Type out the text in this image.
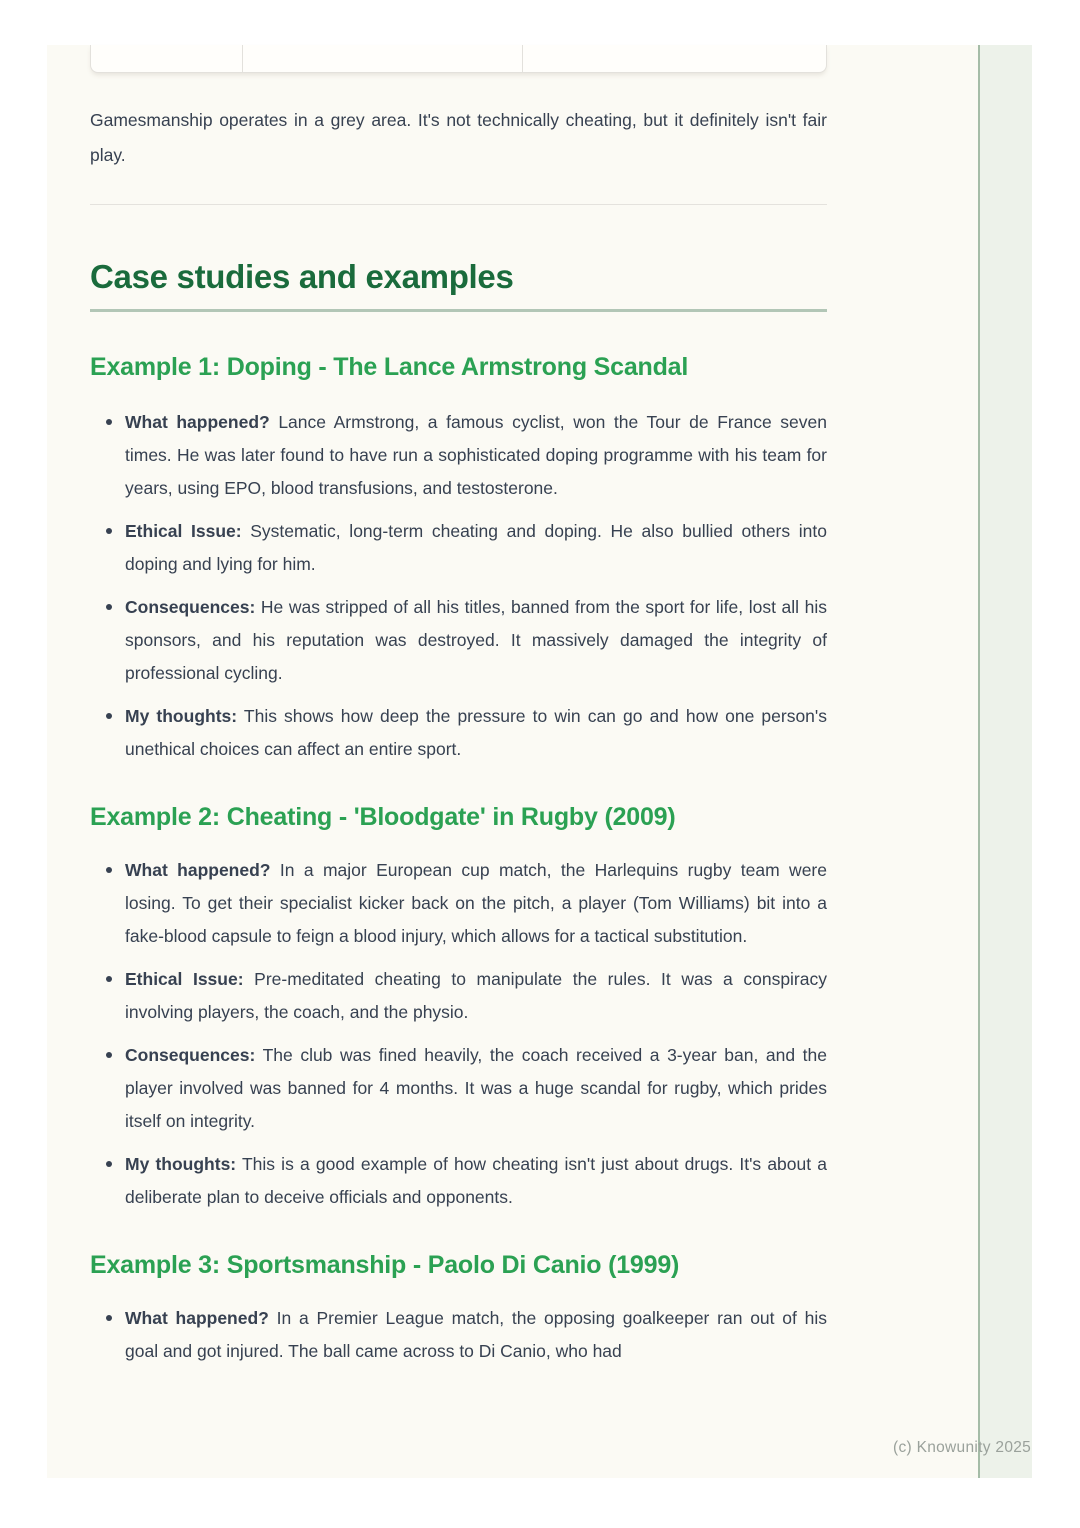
Gamesmanship operates in a grey area. It's not technically cheating, but it definitely isn't fair play.

Case studies and examples
Example 1: Doping - The Lance Armstrong Scandal
What happened? Lance Armstrong, a famous cyclist, won the Tour de France seven times. He was later found to have run a sophisticated doping programme with his team for years, using EPO, blood transfusions, and testosterone.
Ethical Issue: Systematic, long-term cheating and doping. He also bullied others into doping and lying for him.
Consequences: He was stripped of all his titles, banned from the sport for life, lost all his sponsors, and his reputation was destroyed. It massively damaged the integrity of professional cycling.
My thoughts: This shows how deep the pressure to win can go and how one person's unethical choices can affect an entire sport.
Example 2: Cheating - 'Bloodgate' in Rugby (2009)
What happened? In a major European cup match, the Harlequins rugby team were losing. To get their specialist kicker back on the pitch, a player (Tom Williams) bit into a fake-blood capsule to feign a blood injury, which allows for a tactical substitution.
Ethical Issue: Pre-meditated cheating to manipulate the rules. It was a conspiracy involving players, the coach, and the physio.
Consequences: The club was fined heavily, the coach received a 3-year ban, and the player involved was banned for 4 months. It was a huge scandal for rugby, which prides itself on integrity.
My thoughts: This is a good example of how cheating isn't just about drugs. It's about a deliberate plan to deceive officials and opponents.
Example 3: Sportsmanship - Paolo Di Canio (1999)
What happened? In a Premier League match, the opposing goalkeeper ran out of his goal and got injured. The ball came across to Di Canio, who had
(c) Knowunity 2025
